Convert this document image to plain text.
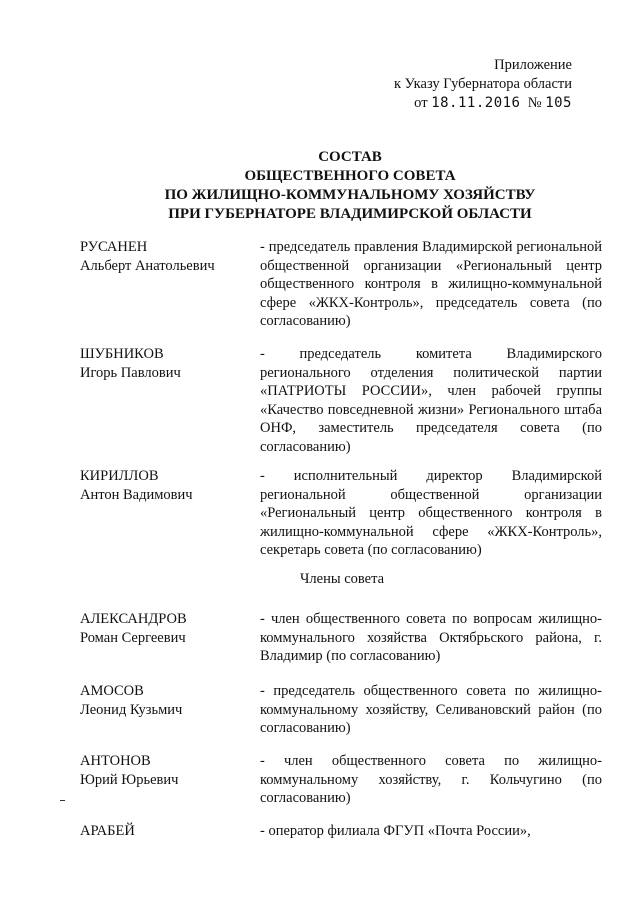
Приложение
к Указу Губернатора области
от 18.11.2016 № 105
СОСТАВ
ОБЩЕСТВЕННОГО СОВЕТА
ПО ЖИЛИЩНО-КОММУНАЛЬНОМУ ХОЗЯЙСТВУ
ПРИ ГУБЕРНАТОРЕ ВЛАДИМИРСКОЙ ОБЛАСТИ
РУСАНЕН
Альберт Анатольевич
- председатель правления Владимирской региональной общественной организации «Региональный центр общественного контроля в жилищно-коммунальной сфере «ЖКХ-Контроль», председатель совета (по согласованию)
ШУБНИКОВ
Игорь Павлович
- председатель комитета Владимирского регионального отделения политической партии «ПАТРИОТЫ РОССИИ», член рабочей группы «Качество повседневной жизни» Регионального штаба ОНФ, заместитель председателя совета (по согласованию)
КИРИЛЛОВ
Антон Вадимович
- исполнительный директор Владимирской региональной общественной организации «Региональный центр общественного контроля в жилищно-коммунальной сфере «ЖКХ-Контроль», секретарь совета (по согласованию)
Члены совета
АЛЕКСАНДРОВ
Роман Сергеевич
- член общественного совета по вопросам жилищно-коммунального хозяйства Октябрьского района, г. Владимир (по согласованию)
АМОСОВ
Леонид Кузьмич
- председатель общественного совета по жилищно-коммунальному хозяйству, Селивановский район (по согласованию)
АНТОНОВ
Юрий Юрьевич
- член общественного совета по жилищно-коммунальному хозяйству, г. Кольчугино (по согласованию)
АРАБЕЙ	- оператор филиала ФГУП «Почта России»,
